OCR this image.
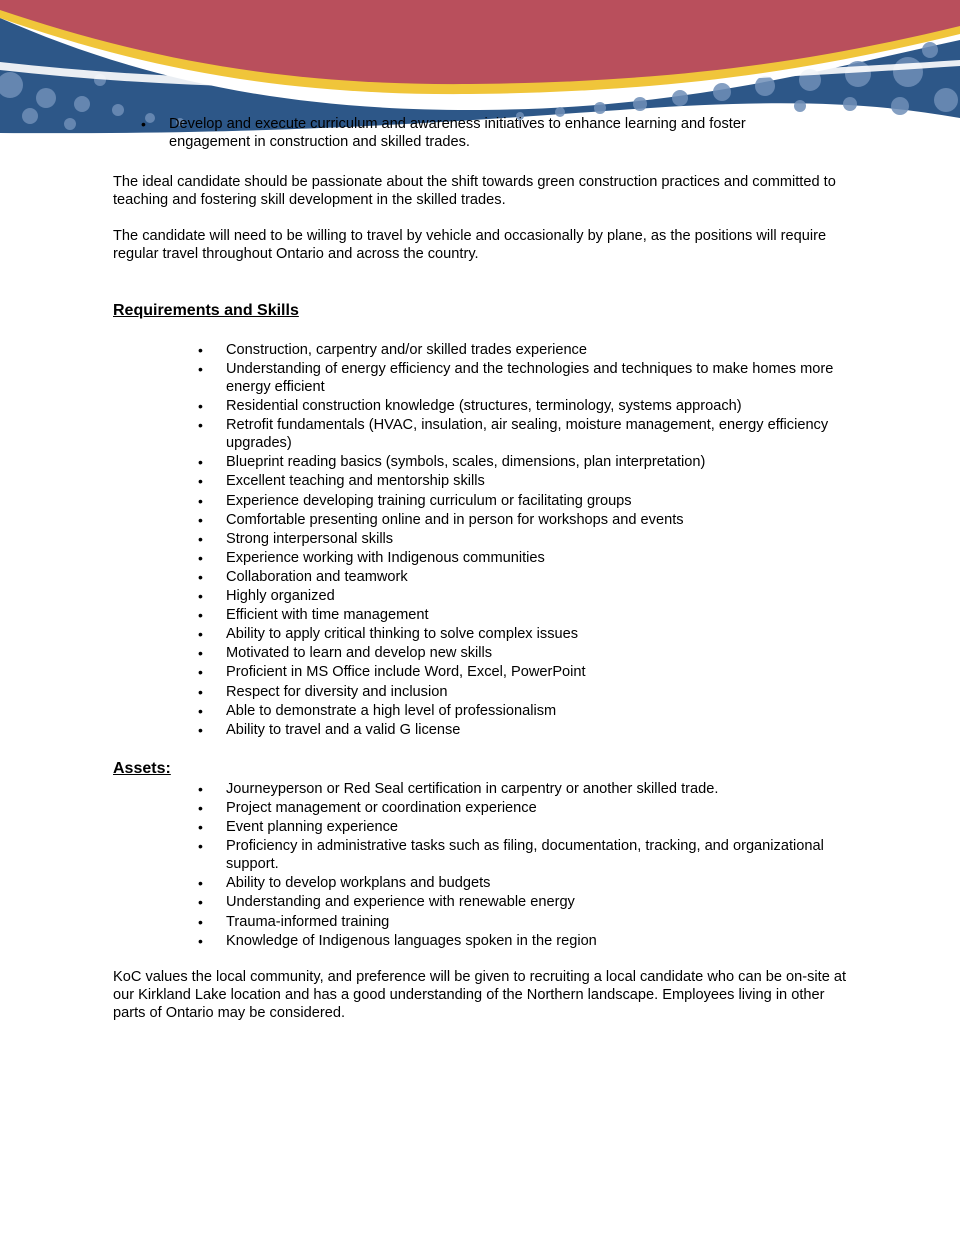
• Develop and execute curriculum and awareness initiatives to enhance learning and foster engagement in construction and skilled trades.

The ideal candidate should be passionate about the shift towards green construction practices and committed to teaching and fostering skill development in the skilled trades.

The candidate will need to be willing to travel by vehicle and occasionally by plane, as the positions will require regular travel throughout Ontario and across the country.

Requirements and Skills
• Construction, carpentry and/or skilled trades experience
• Understanding of energy efficiency and the technologies and techniques to make homes more energy efficient
• Residential construction knowledge (structures, terminology, systems approach)
• Retrofit fundamentals (HVAC, insulation, air sealing, moisture management, energy efficiency upgrades)
• Blueprint reading basics (symbols, scales, dimensions, plan interpretation)
• Excellent teaching and mentorship skills
• Experience developing training curriculum or facilitating groups
• Comfortable presenting online and in person for workshops and events
• Strong interpersonal skills
• Experience working with Indigenous communities
• Collaboration and teamwork
• Highly organized
• Efficient with time management
• Ability to apply critical thinking to solve complex issues
• Motivated to learn and develop new skills
• Proficient in MS Office include Word, Excel, PowerPoint
• Respect for diversity and inclusion
• Able to demonstrate a high level of professionalism
• Ability to travel and a valid G license
Assets:
• Journeyperson or Red Seal certification in carpentry or another skilled trade.
• Project management or coordination experience
• Event planning experience
• Proficiency in administrative tasks such as filing, documentation, tracking, and organizational support.
• Ability to develop workplans and budgets
• Understanding and experience with renewable energy
• Trauma-informed training
• Knowledge of Indigenous languages spoken in the region

KoC values the local community, and preference will be given to recruiting a local candidate who can be on-site at our Kirkland Lake location and has a good understanding of the Northern landscape. Employees living in other parts of Ontario may be considered.
